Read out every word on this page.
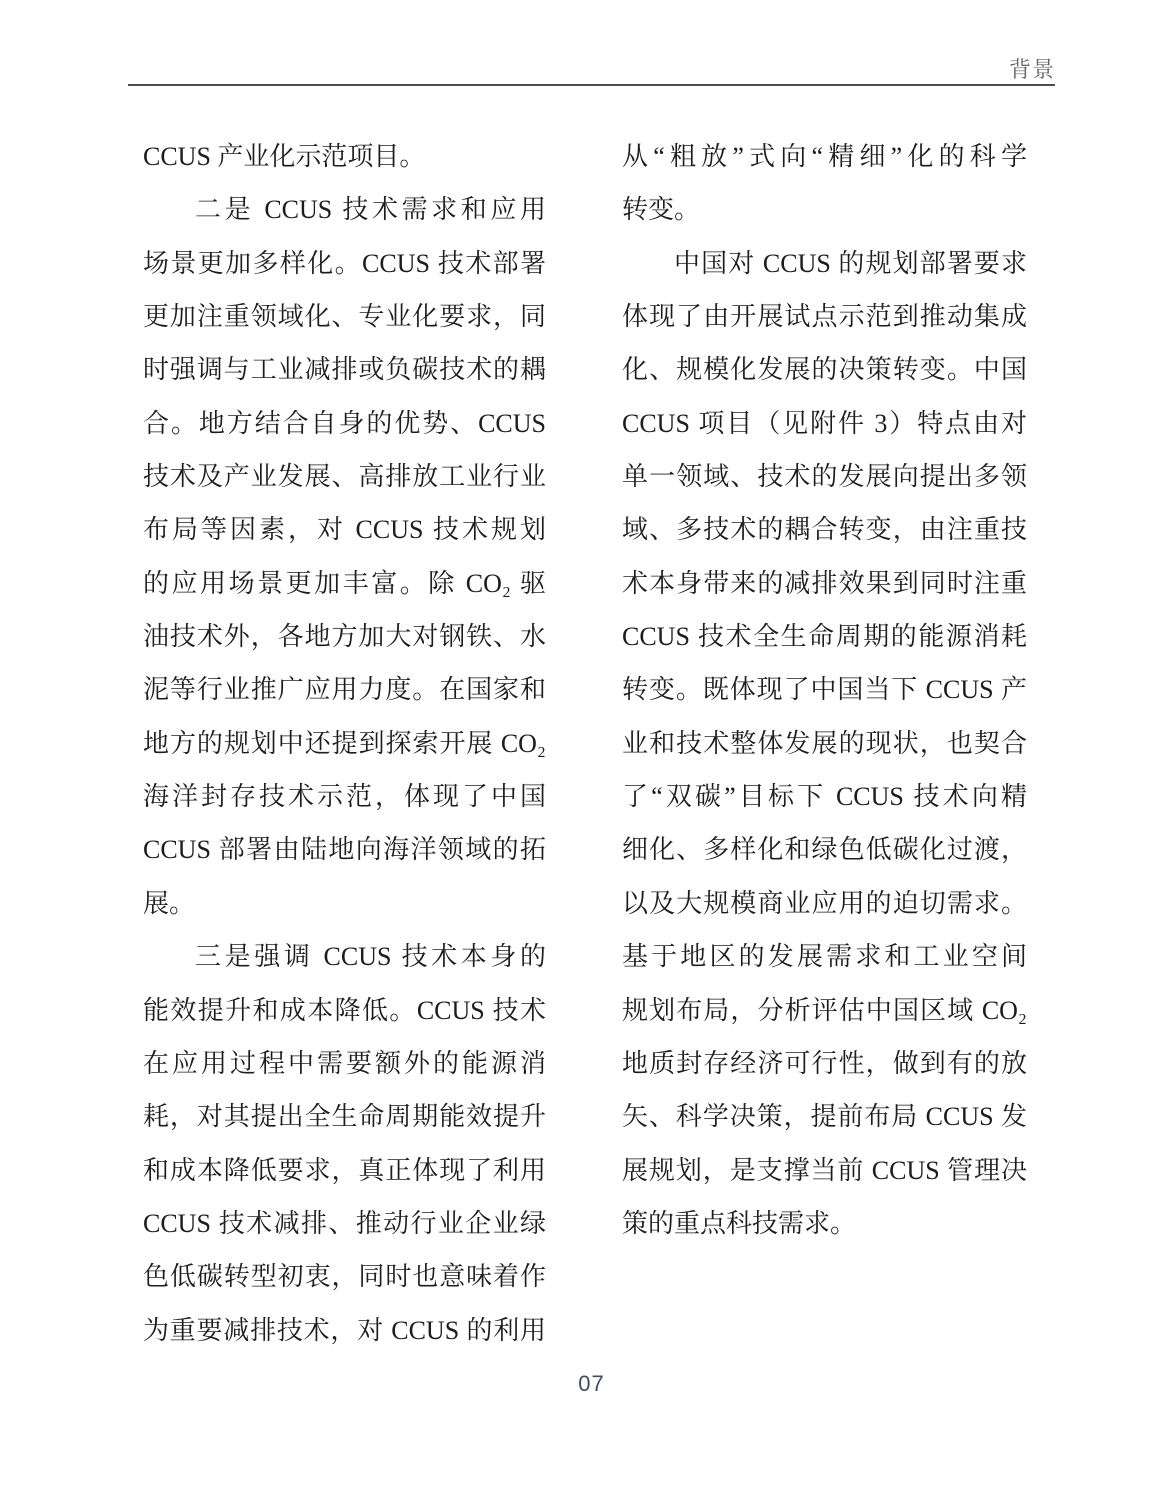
背景
CCUS 产业化示范项目。
二是 CCUS 技术需求和应用
场景更加多样化。CCUS 技术部署
更加注重领域化、专业化要求，同
时强调与工业减排或负碳技术的耦
合。地方结合自身的优势、CCUS
技术及产业发展、高排放工业行业
布局等因素，对 CCUS 技术规划
的应用场景更加丰富。除 CO₂ 驱
油技术外，各地方加大对钢铁、水
泥等行业推广应用力度。在国家和
地方的规划中还提到探索开展 CO₂
海洋封存技术示范，体现了中国
CCUS 部署由陆地向海洋领域的拓
展。
三是强调 CCUS 技术本身的
能效提升和成本降低。CCUS 技术
在应用过程中需要额外的能源消
耗，对其提出全生命周期能效提升
和成本降低要求，真正体现了利用
CCUS 技术减排、推动行业企业绿
色低碳转型初衷，同时也意味着作
为重要减排技术，对 CCUS 的利用
从“粗放”式向“精细”化的科学
转变。
中国对 CCUS 的规划部署要求
体现了由开展试点示范到推动集成
化、规模化发展的决策转变。中国
CCUS 项目（见附件 3）特点由对
单一领域、技术的发展向提出多领
域、多技术的耦合转变，由注重技
术本身带来的减排效果到同时注重
CCUS 技术全生命周期的能源消耗
转变。既体现了中国当下 CCUS 产
业和技术整体发展的现状，也契合
了“双碳”目标下 CCUS 技术向精
细化、多样化和绿色低碳化过渡，
以及大规模商业应用的迫切需求。
基于地区的发展需求和工业空间
规划布局，分析评估中国区域 CO₂
地质封存经济可行性，做到有的放
矢、科学决策，提前布局 CCUS 发
展规划，是支撑当前 CCUS 管理决
策的重点科技需求。
07
